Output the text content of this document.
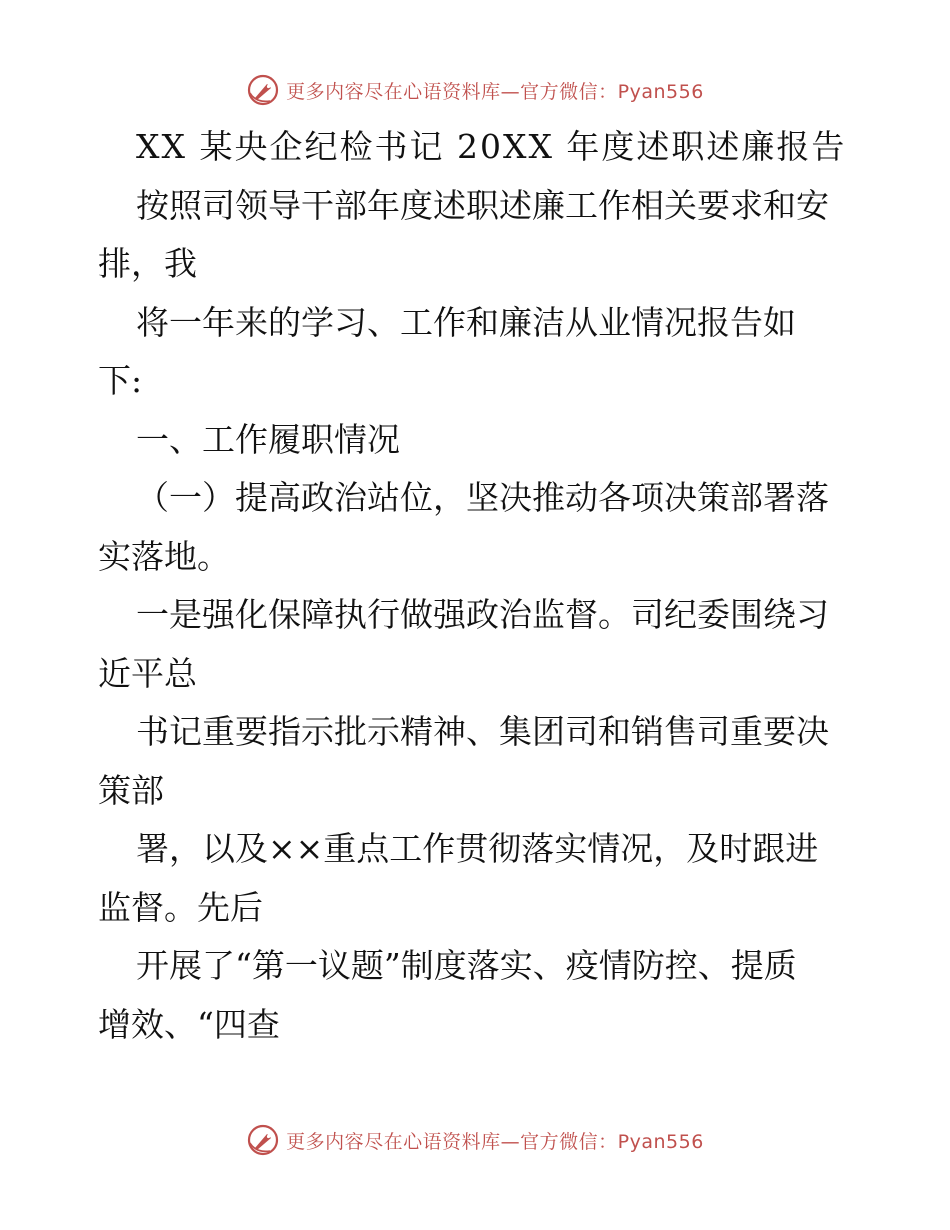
更多内容尽在心语资料库—官方微信：Pyan556
XX 某央企纪检书记 20XX 年度述职述廉报告
按照司领导干部年度述职述廉工作相关要求和安
排，我
将一年来的学习、工作和廉洁从业情况报告如
下:
一、工作履职情况
（一）提高政治站位，坚决推动各项决策部署落
实落地。
一是强化保障执行做强政治监督。司纪委围绕习
近平总
书记重要指示批示精神、集团司和销售司重要决
策部
署，以及××重点工作贯彻落实情况，及时跟进
监督。先后
开展了“第一议题”制度落实、疫情防控、提质
增效、“四查
更多内容尽在心语资料库—官方微信：Pyan556
